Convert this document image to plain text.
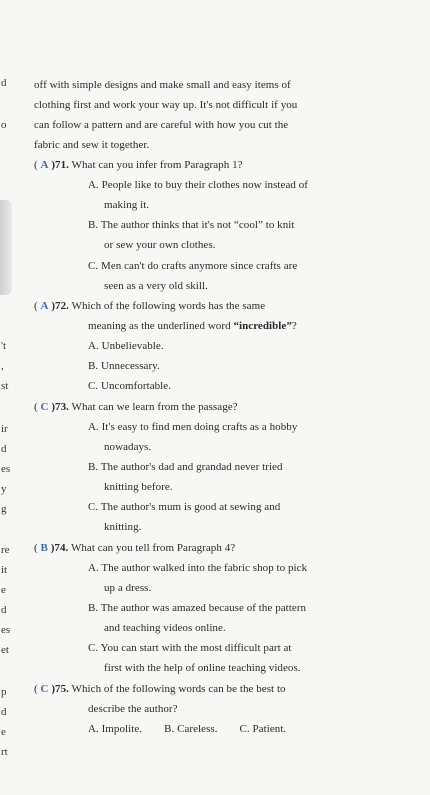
d
o
't
,
st
ir
d
es
y
g
re
it
e
d
es
et
p
d
e
rt
off with simple designs and make small and easy items of
clothing first and work your way up. It's not difficult if you
can follow a pattern and are careful with how you cut the
fabric and sew it together.
( A )71. What can you infer from Paragraph 1?
A. People like to buy their clothes now instead of
making it.
B. The author thinks that it's not “cool” to knit
or sew your own clothes.
C. Men can't do crafts anymore since crafts are
seen as a very old skill.
( A )72. Which of the following words has the same
meaning as the underlined word “incredible”?
A. Unbelievable.
B. Unnecessary.
C. Uncomfortable.
( C )73. What can we learn from the passage?
A. It's easy to find men doing crafts as a hobby
nowadays.
B. The author's dad and grandad never tried
knitting before.
C. The author's mum is good at sewing and
knitting.
( B )74. What can you tell from Paragraph 4?
A. The author walked into the fabric shop to pick
up a dress.
B. The author was amazed because of the pattern
and teaching videos online.
C. You can start with the most difficult part at
first with the help of online teaching videos.
( C )75. Which of the following words can be the best to
describe the author?
A. Impolite. B. Careless. C. Patient.
